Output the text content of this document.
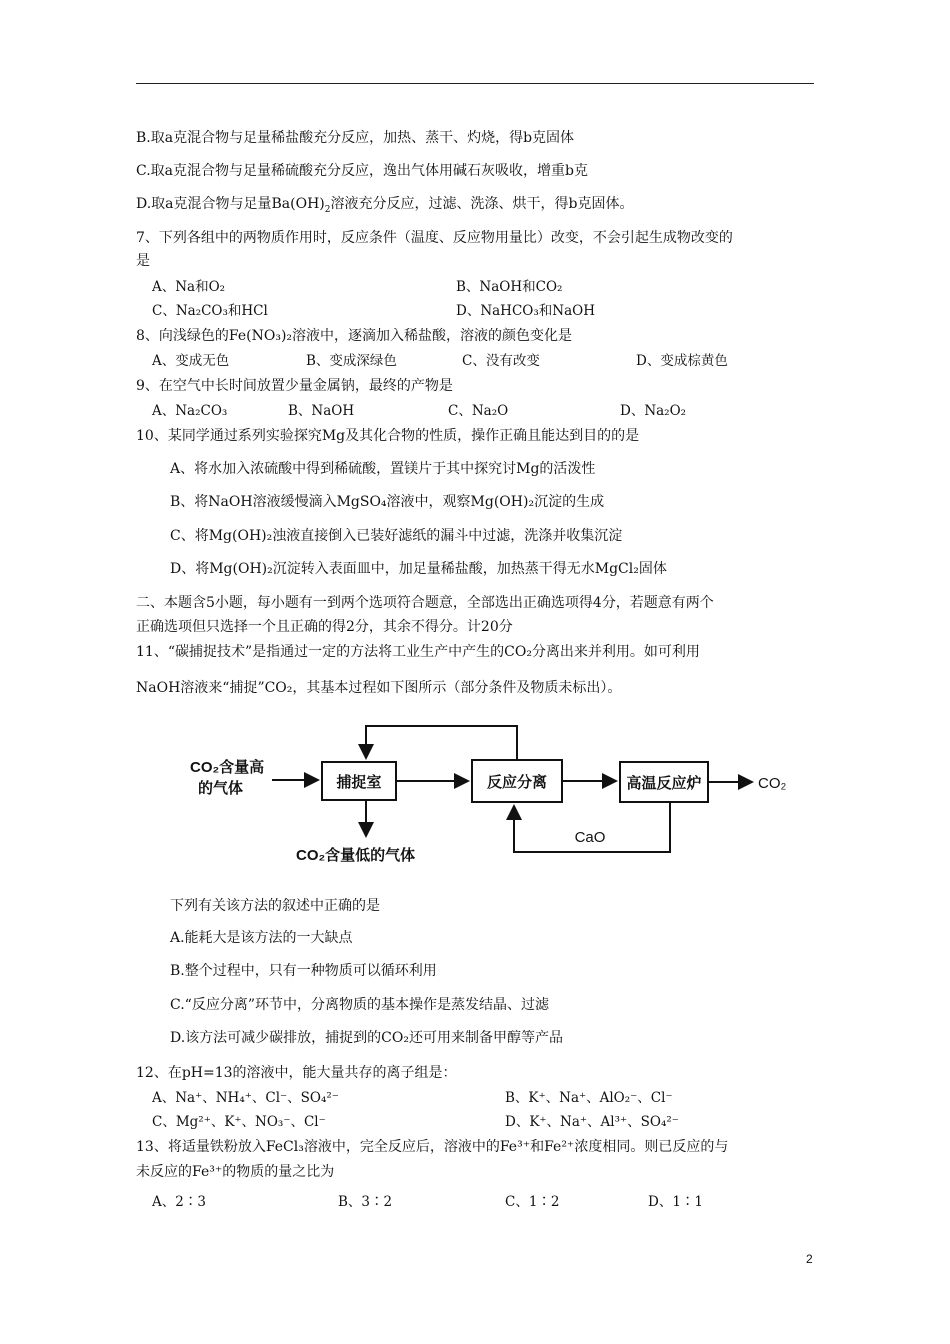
B.取a克混合物与足量稀盐酸充分反应，加热、蒸干、灼烧，得b克固体
C.取a克混合物与足量稀硫酸充分反应，逸出气体用碱石灰吸收，增重b克
D.取a克混合物与足量$Ba(OH)_2$溶液充分反应，过滤、洗涤、烘干，得b克固体。
7、下列各组中的两物质作用时，反应条件（温度、反应物用量比）改变，不会引起生成物改变的
是
A、Na和O₂	B、NaOH和CO₂
C、Na₂CO₃和HCl	D、NaHCO₃和NaOH
8、向浅绿色的Fe(NO₃)₂溶液中，逐滴加入稀盐酸，溶液的颜色变化是
A、变成无色	B、变成深绿色	C、没有改变	D、变成棕黄色
9、在空气中长时间放置少量金属钠，最终的产物是
A、Na₂CO₃	B、NaOH	C、Na₂O	D、Na₂O₂
10、某同学通过系列实验探究Mg及其化合物的性质，操作正确且能达到目的的是
A、将水加入浓硫酸中得到稀硫酸，置镁片于其中探究讨Mg的活泼性
B、将NaOH溶液缓慢滴入MgSO₄溶液中，观察Mg(OH)₂沉淀的生成
C、将Mg(OH)₂浊液直接倒入已装好滤纸的漏斗中过滤，洗涤并收集沉淀
D、将Mg(OH)₂沉淀转入表面皿中，加足量稀盐酸，加热蒸干得无水MgCl₂固体
二、本题含5小题，每小题有一到两个选项符合题意，全部选出正确选项得4分，若题意有两个
正确选项但只选择一个且正确的得2分，其余不得分。计20分
11、“碳捕捉技术”是指通过一定的方法将工业生产中产生的CO₂分离出来并利用。如可利用
NaOH溶液来“捕捉”CO₂，其基本过程如下图所示（部分条件及物质未标出）。
CO₂含量高
的气体	捕捉室	反应分离	高温反应炉	CO₂
CaO
CO₂含量低的气体
下列有关该方法的叙述中正确的是
A.能耗大是该方法的一大缺点
B.整个过程中，只有一种物质可以循环利用
C.“反应分离”环节中，分离物质的基本操作是蒸发结晶、过滤
D.该方法可减少碳排放，捕捉到的CO₂还可用来制备甲醇等产品
12、在pH=13的溶液中，能大量共存的离子组是：
A、Na⁺、NH₄⁺、Cl⁻、SO₄²⁻	B、K⁺、Na⁺、AlO₂⁻、Cl⁻
C、Mg²⁺、K⁺、NO₃⁻、Cl⁻	D、K⁺、Na⁺、Al³⁺、SO₄²⁻
13、将适量铁粉放入FeCl₃溶液中，完全反应后，溶液中的Fe³⁺和Fe²⁺浓度相同。则已反应的与
未反应的Fe³⁺的物质的量之比为
A、2∶3	B、3∶2	C、1∶2	D、1∶1
2
